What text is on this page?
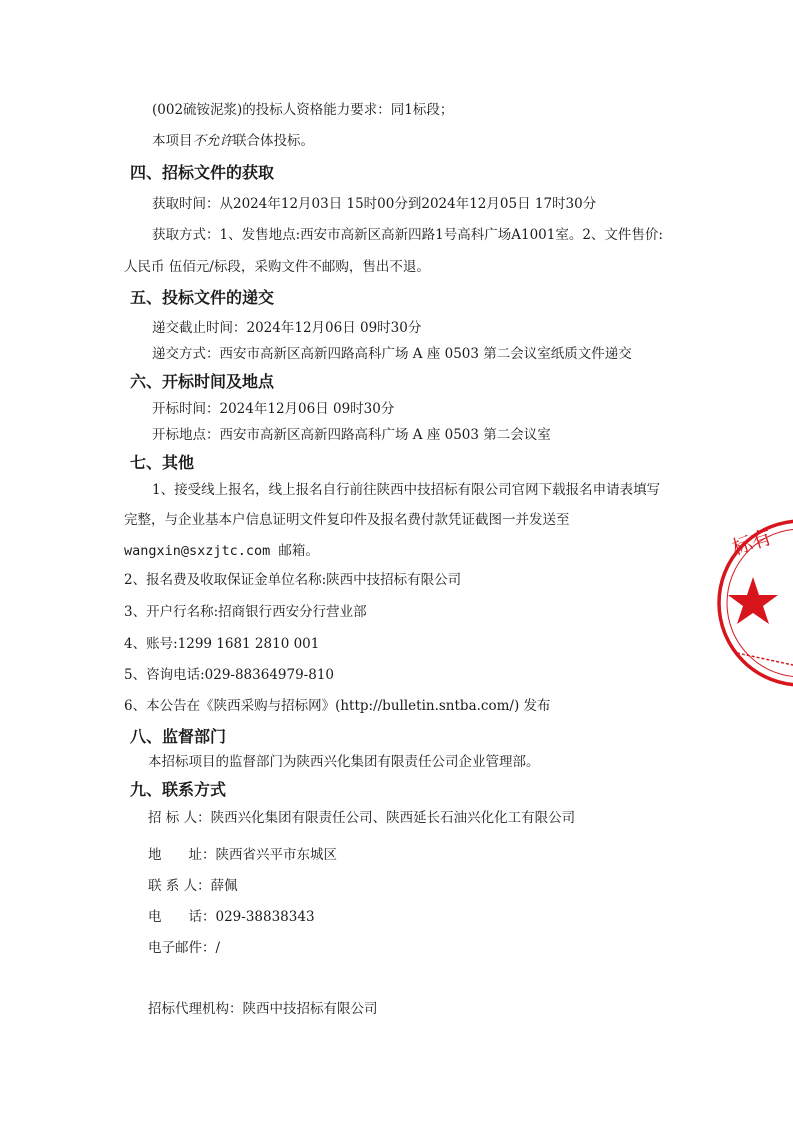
(002硫铵泥浆)的投标人资格能力要求：同1标段；
本项目不允许联合体投标。
四、招标文件的获取
获取时间：从2024年12月03日 15时00分到2024年12月05日 17时30分
获取方式：1、发售地点:西安市高新区高新四路1号高科广场A1001室。2、文件售价:
人民币 伍佰元/标段，采购文件不邮购，售出不退。
五、投标文件的递交
递交截止时间：2024年12月06日 09时30分
递交方式：西安市高新区高新四路高科广场 A 座 0503 第二会议室纸质文件递交
六、开标时间及地点
开标时间：2024年12月06日 09时30分
开标地点：西安市高新区高新四路高科广场 A 座 0503 第二会议室
七、其他
1、接受线上报名，线上报名自行前往陕西中技招标有限公司官网下载报名申请表填写
完整，与企业基本户信息证明文件复印件及报名费付款凭证截图一并发送至
wangxin@sxzjtc.com 邮箱。
2、报名费及收取保证金单位名称:陕西中技招标有限公司
3、开户行名称:招商银行西安分行营业部
4、账号:1299 1681 2810 001
5、咨询电话:029-88364979-810
6、本公告在《陕西采购与招标网》(http://bulletin.sntba.com/) 发布
八、监督部门
本招标项目的监督部门为陕西兴化集团有限责任公司企业管理部。
九、联系方式
招 标 人：陕西兴化集团有限责任公司、陕西延长石油兴化化工有限公司
地　　址：陕西省兴平市东城区
联 系 人：薛佩
电　　话：029-38838343
电子邮件：/
招标代理机构：陕西中技招标有限公司
标有
